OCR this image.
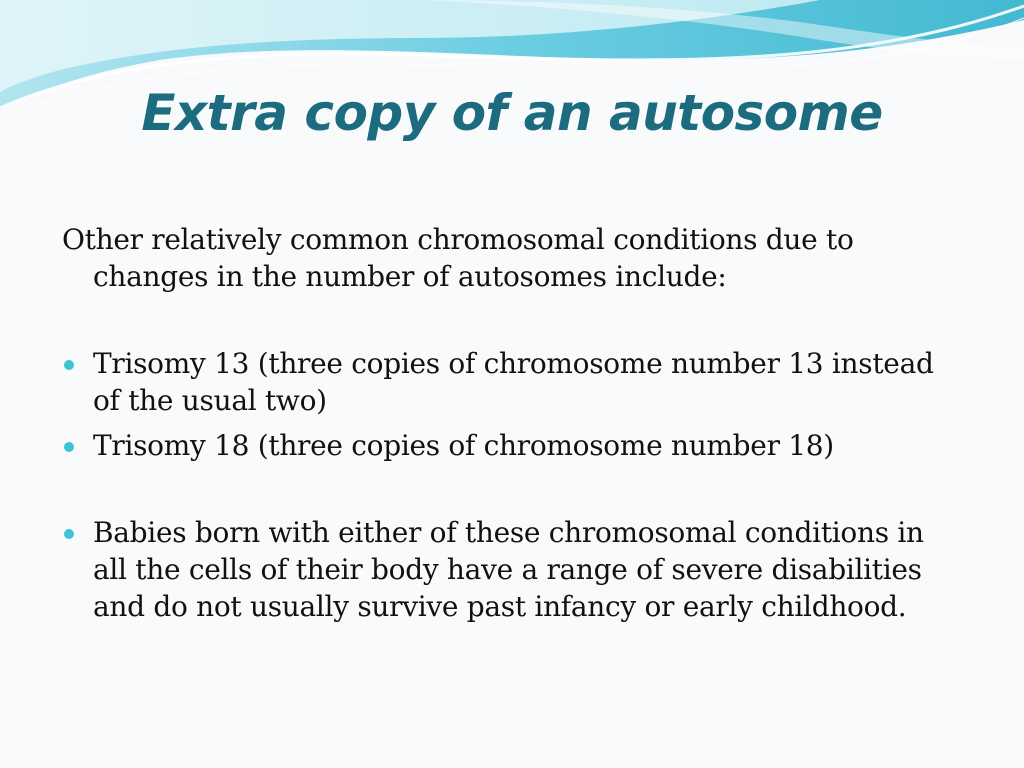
Extra copy of an autosome

Other relatively common chromosomal conditions due to changes in the number of autosomes include:

Trisomy 13 (three copies of chromosome number 13 instead of the usual two)

Trisomy 18 (three copies of chromosome number 18)

Babies born with either of these chromosomal conditions in all the cells of their body have a range of severe disabilities and do not usually survive past infancy or early childhood.
